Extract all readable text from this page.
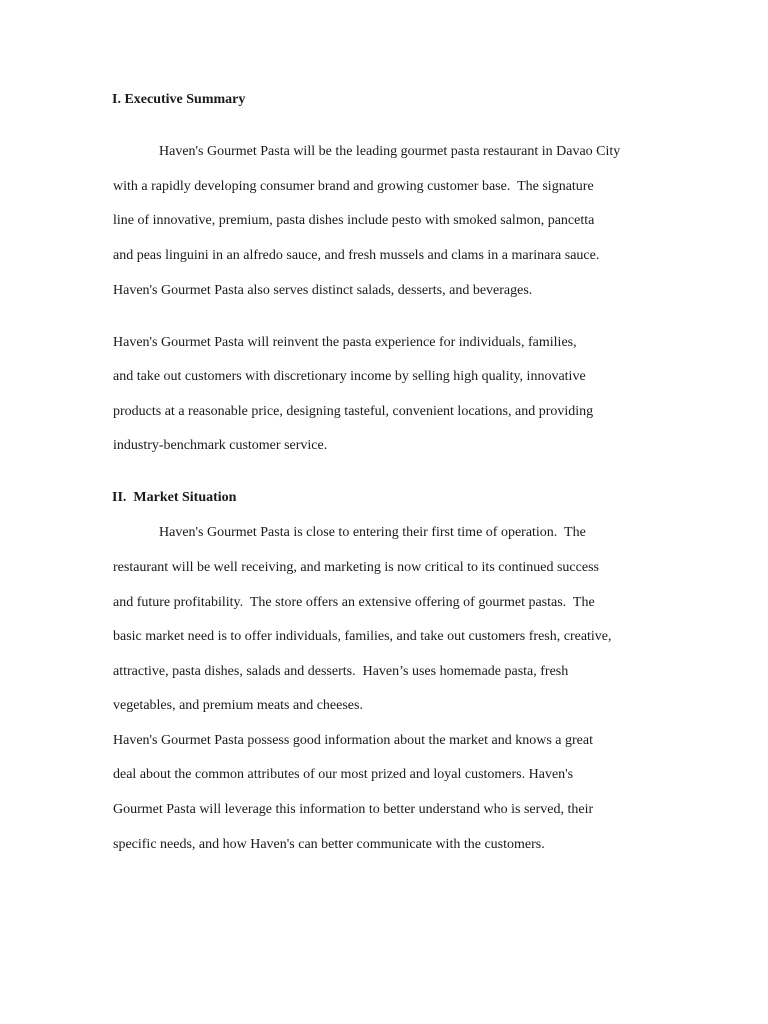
I. Executive Summary
Haven's Gourmet Pasta will be the leading gourmet pasta restaurant in Davao City
with a rapidly developing consumer brand and growing customer base.  The signature
line of innovative, premium, pasta dishes include pesto with smoked salmon, pancetta
and peas linguini in an alfredo sauce, and fresh mussels and clams in a marinara sauce.
Haven's Gourmet Pasta also serves distinct salads, desserts, and beverages.
Haven's Gourmet Pasta will reinvent the pasta experience for individuals, families,
and take out customers with discretionary income by selling high quality, innovative
products at a reasonable price, designing tasteful, convenient locations, and providing
industry-benchmark customer service.
II.  Market Situation
Haven's Gourmet Pasta is close to entering their first time of operation.  The
restaurant will be well receiving, and marketing is now critical to its continued success
and future profitability.  The store offers an extensive offering of gourmet pastas.  The
basic market need is to offer individuals, families, and take out customers fresh, creative,
attractive, pasta dishes, salads and desserts.  Haven’s uses homemade pasta, fresh
vegetables, and premium meats and cheeses.
Haven's Gourmet Pasta possess good information about the market and knows a great
deal about the common attributes of our most prized and loyal customers. Haven's
Gourmet Pasta will leverage this information to better understand who is served, their
specific needs, and how Haven's can better communicate with the customers.
